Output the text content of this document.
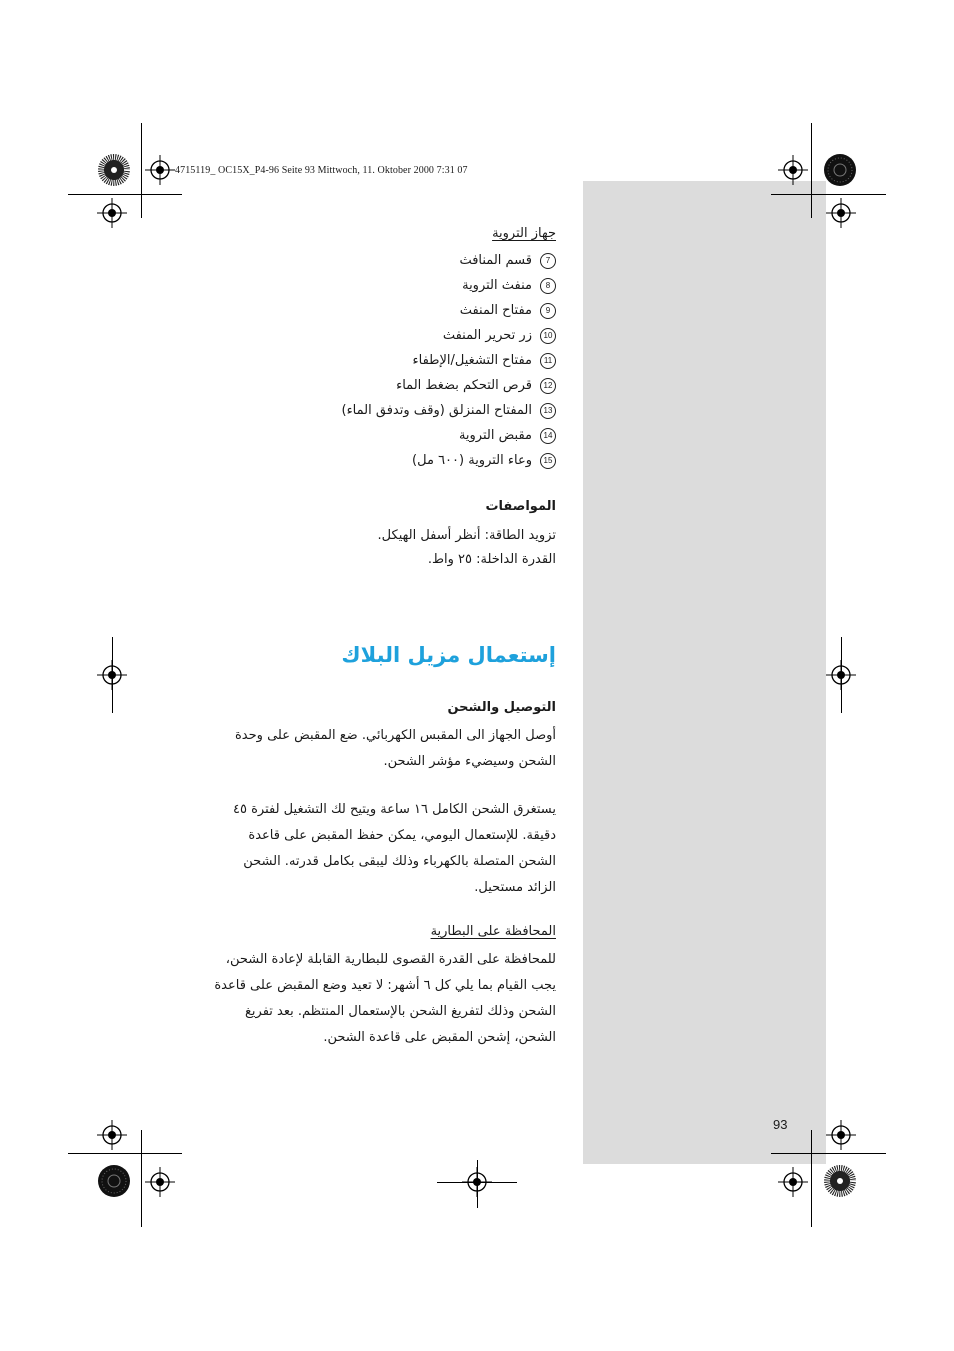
4715119_ OC15X_P4-96 Seite 93 Mittwoch, 11. Oktober 2000 7:31 07
جهاز التروية
7
قسم المنافث
8
منفث التروية
9
مفتاح المنفث
10
زر تحرير المنفث
11
مفتاح التشغيل/الإطفاء
12
قرص التحكم بضغط الماء
13
المفتاح المنزلق (وقف وتدفق الماء)
14
مقبض التروية
15
وعاء التروية (٦٠٠ مل)
المواصفات
تزويد الطاقة: أنظر أسفل الهيكل.
القدرة الداخلة: ٢٥ واط.
إستعمال مزيل البلاك
التوصيل والشحن
أوصل الجهاز الى المقبس الكهربائي. ضع المقبض على وحدة الشحن وسيضيء مؤشر الشحن.
يستغرق الشحن الكامل ١٦ ساعة ويتيح لك التشغيل لفترة ٤٥ دقيقة. للإستعمال اليومي، يمكن حفظ المقبض على قاعدة الشحن المتصلة بالكهرباء وذلك ليبقى بكامل قدرته. الشحن الزائد مستحيل.
المحافظة على البطارية
للمحافظة على القدرة القصوى للبطارية القابلة لإعادة الشحن، يجب القيام بما يلي كل ٦ أشهر: لا تعيد وضع المقبض على قاعدة الشحن وذلك لتفريغ الشحن بالإستعمال المنتظم. بعد تفريغ الشحن، إشحن المقبض على قاعدة الشحن.
93
